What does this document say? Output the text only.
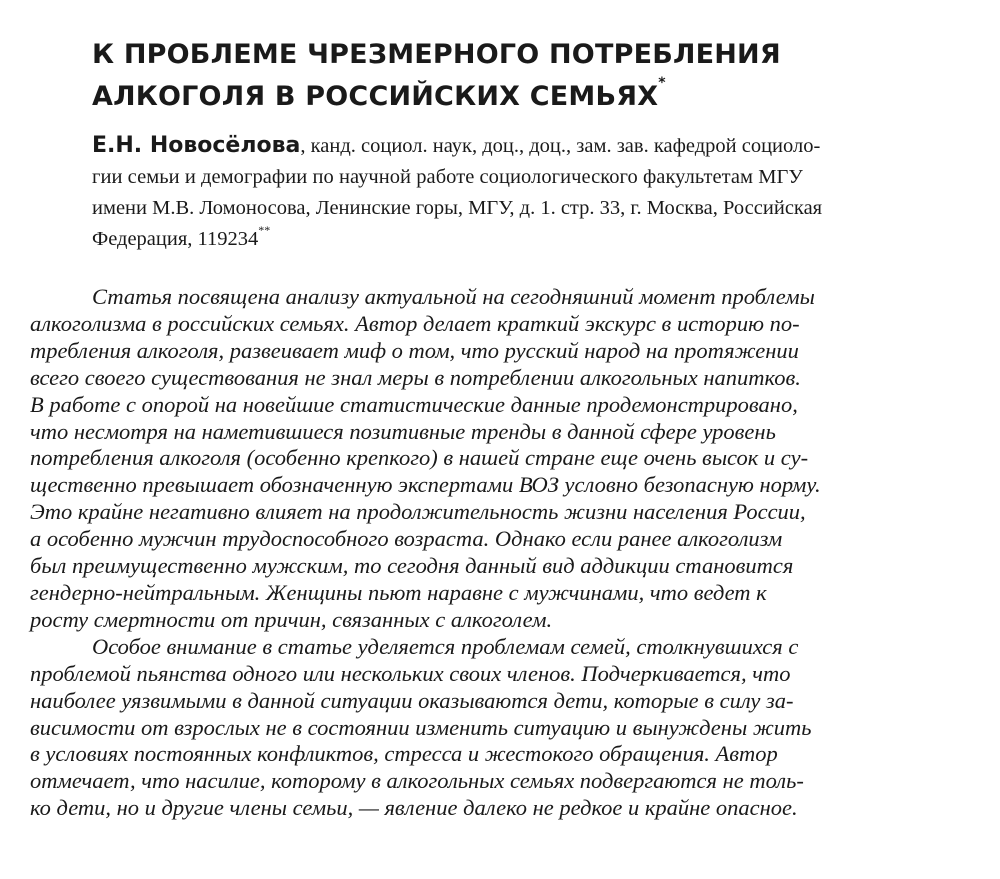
К ПРОБЛЕМЕ ЧРЕЗМЕРНОГО ПОТРЕБЛЕНИЯ
АЛКОГОЛЯ В РОССИЙСКИХ СЕМЬЯХ*
Е.Н. Новосёлова, канд. социол. наук, доц., доц., зам. зав. кафедрой социоло-
гии семьи и демографии по научной работе социологического факультетам МГУ
имени М.В. Ломоносова, Ленинские горы, МГУ, д. 1. стр. 33, г. Москва, Российская
Федерация, 119234**
Статья посвящена анализу актуальной на сегодняшний момент проблемы
алкоголизма в российских семьях. Автор делает краткий экскурс в историю по-
требления алкоголя, развеивает миф о том, что русский народ на протяжении
всего своего существования не знал меры в потреблении алкогольных напитков.
В работе с опорой на новейшие статистические данные продемонстрировано,
что несмотря на наметившиеся позитивные тренды в данной сфере уровень
потребления алкоголя (особенно крепкого) в нашей стране еще очень высок и су-
щественно превышает обозначенную экспертами ВОЗ условно безопасную норму.
Это крайне негативно влияет на продолжительность жизни населения России,
а особенно мужчин трудоспособного возраста. Однако если ранее алкоголизм
был преимущественно мужским, то сегодня данный вид аддикции становится
гендерно-нейтральным. Женщины пьют наравне с мужчинами, что ведет к
росту смертности от причин, связанных с алкоголем.
Особое внимание в статье уделяется проблемам семей, столкнувшихся с
проблемой пьянства одного или нескольких своих членов. Подчеркивается, что
наиболее уязвимыми в данной ситуации оказываются дети, которые в силу за-
висимости от взрослых не в состоянии изменить ситуацию и вынуждены жить
в условиях постоянных конфликтов, стресса и жестокого обращения. Автор
отмечает, что насилие, которому в алкогольных семьях подвергаются не толь-
ко дети, но и другие члены семьи, — явление далеко не редкое и крайне опасное.
